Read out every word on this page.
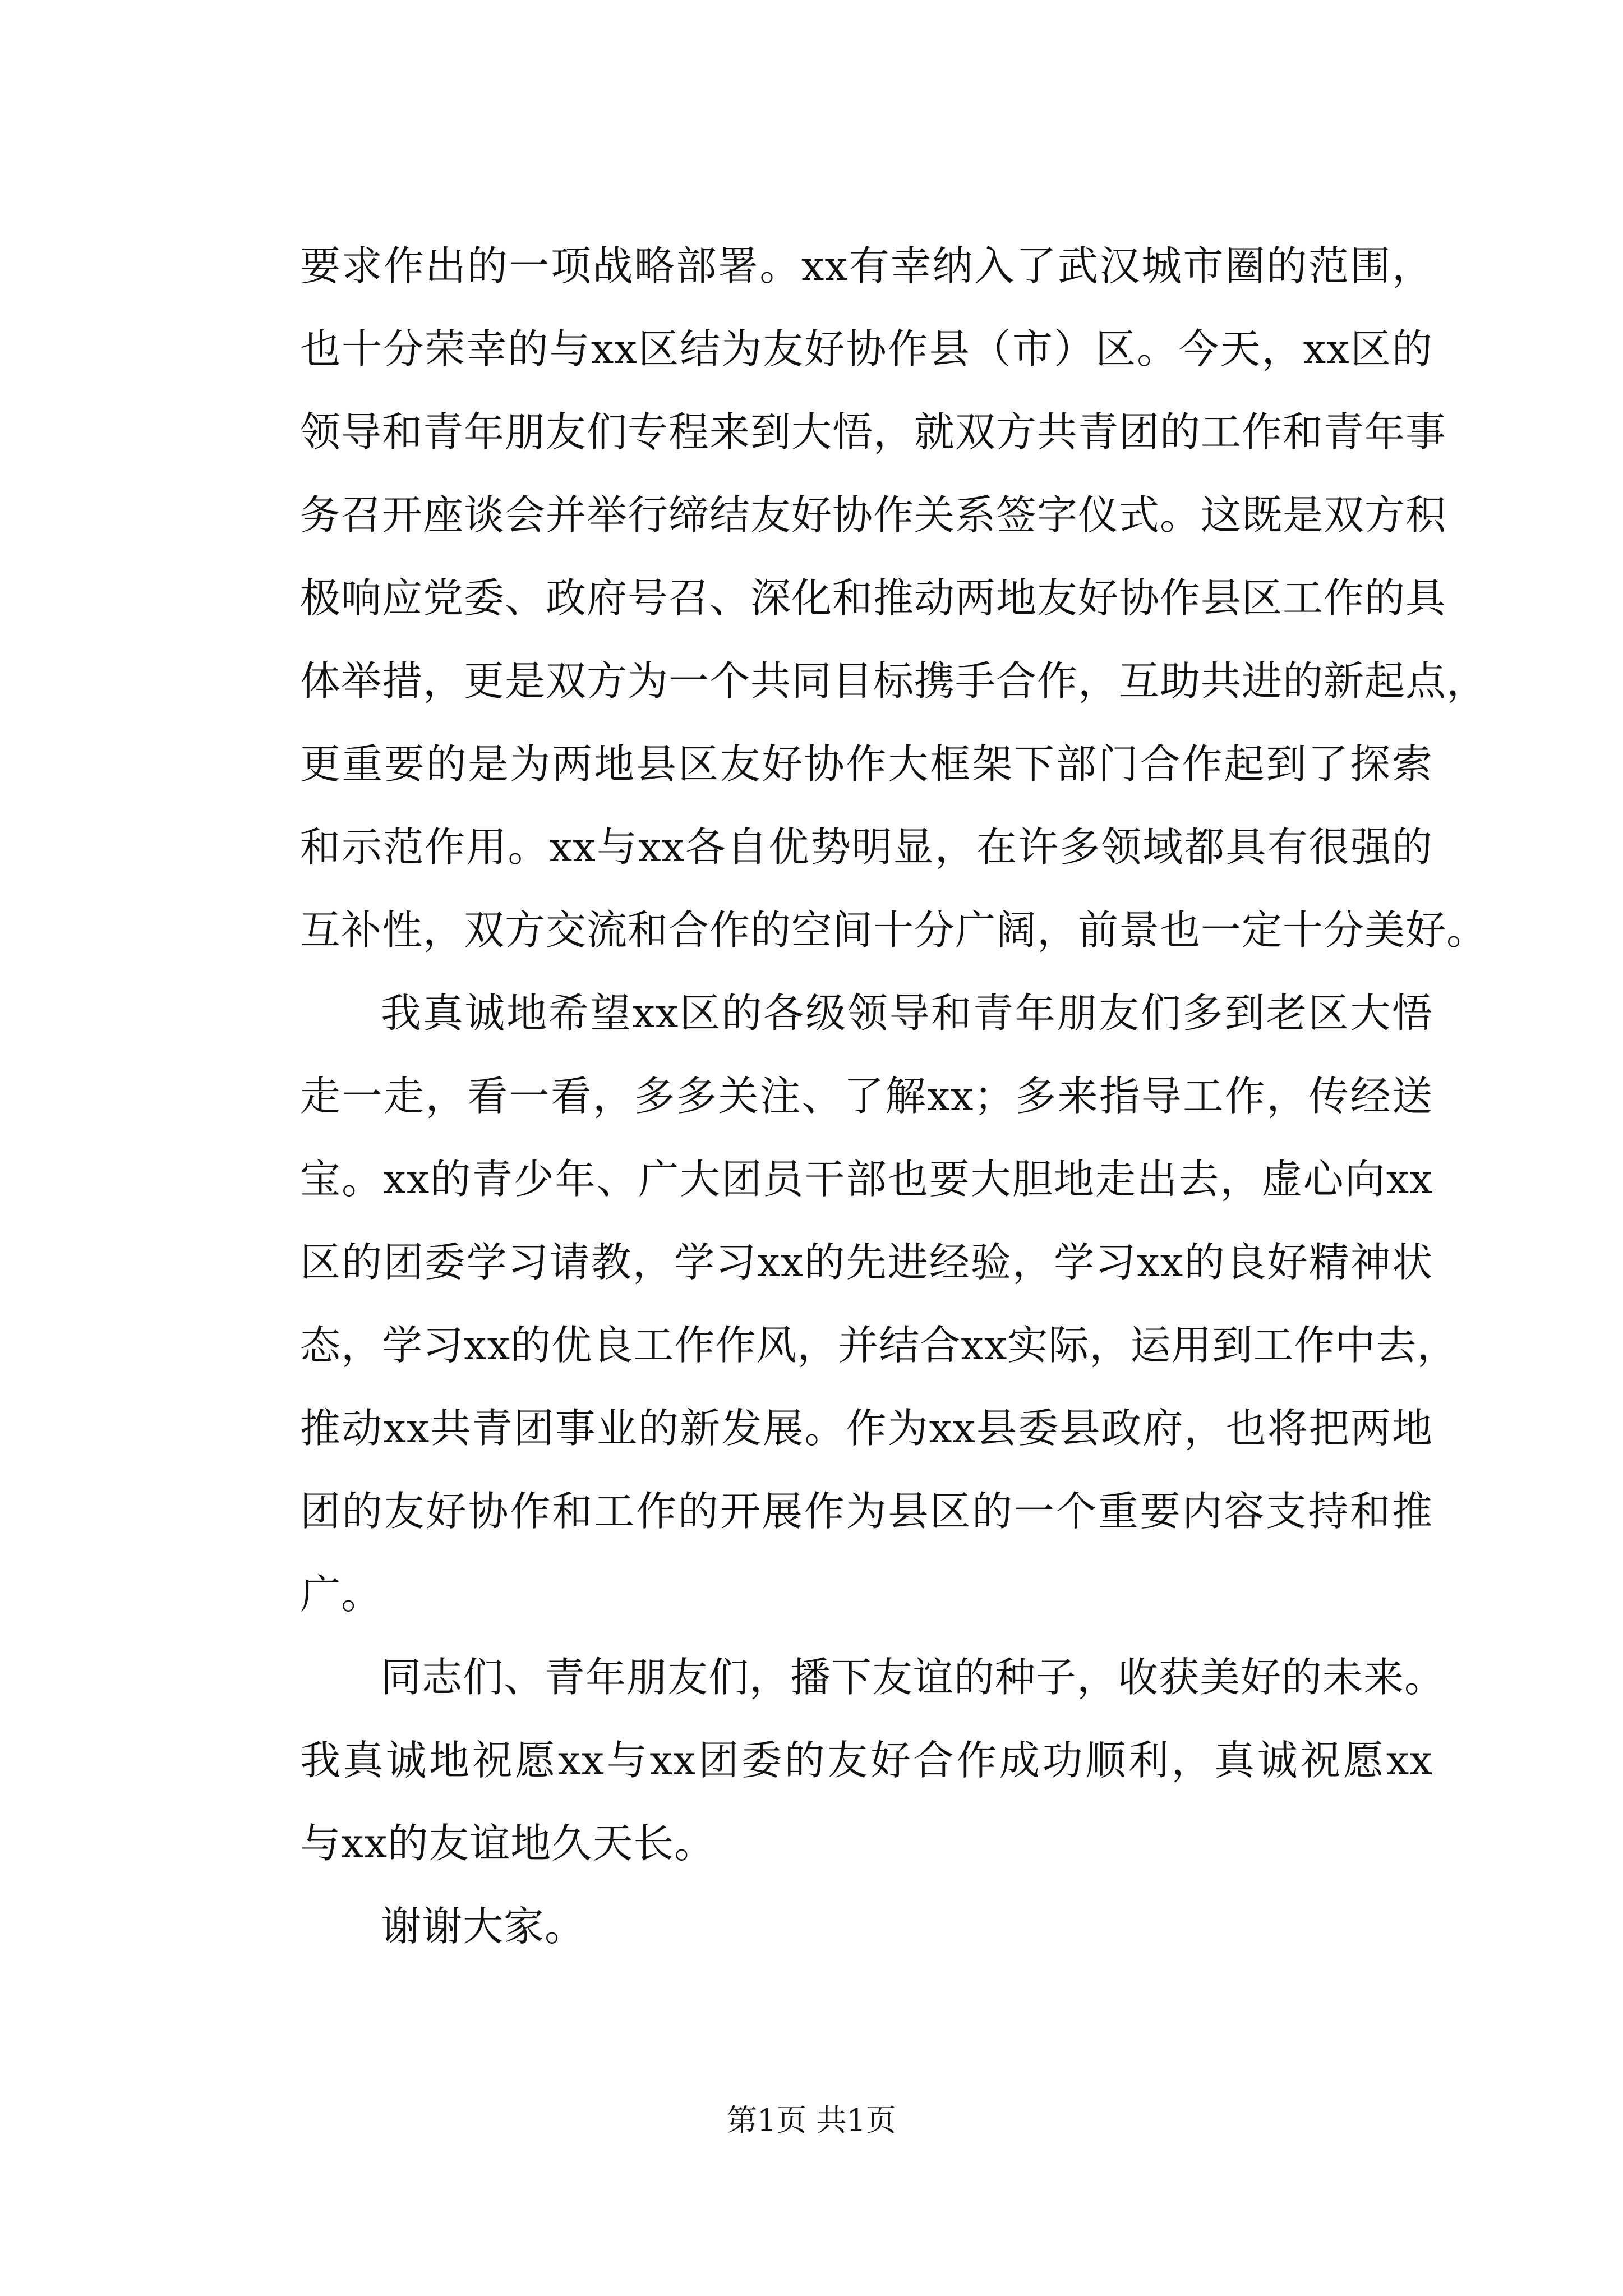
要求作出的一项战略部署。xx有幸纳入了武汉城市圈的范围，
也十分荣幸的与xx区结为友好协作县（市）区。今天，xx区的
领导和青年朋友们专程来到大悟，就双方共青团的工作和青年事
务召开座谈会并举行缔结友好协作关系签字仪式。这既是双方积
极响应党委、政府号召、深化和推动两地友好协作县区工作的具
体举措，更是双方为一个共同目标携手合作，互助共进的新起点，
更重要的是为两地县区友好协作大框架下部门合作起到了探索
和示范作用。xx与xx各自优势明显，在许多领域都具有很强的
互补性，双方交流和合作的空间十分广阔，前景也一定十分美好。
我真诚地希望xx区的各级领导和青年朋友们多到老区大悟
走一走，看一看，多多关注、了解xx；多来指导工作，传经送
宝。xx的青少年、广大团员干部也要大胆地走出去，虚心向xx
区的团委学习请教，学习xx的先进经验，学习xx的良好精神状
态，学习xx的优良工作作风，并结合xx实际，运用到工作中去，
推动xx共青团事业的新发展。作为xx县委县政府，也将把两地
团的友好协作和工作的开展作为县区的一个重要内容支持和推
广。
同志们、青年朋友们，播下友谊的种子，收获美好的未来。
我真诚地祝愿xx与xx团委的友好合作成功顺利，真诚祝愿xx
与xx的友谊地久天长。
谢谢大家。
第1页 共1页
